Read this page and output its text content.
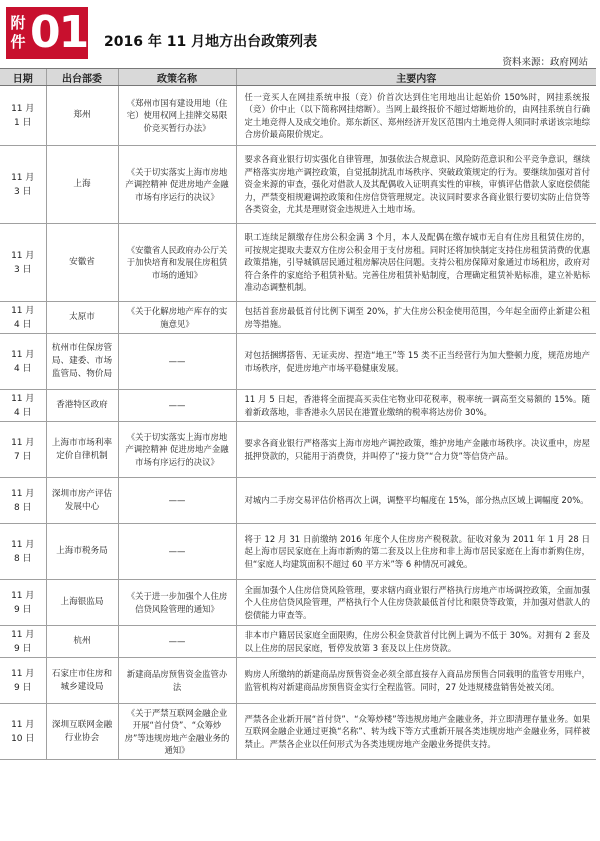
附
件 01 2016 年 11 月地方出台政策列表
资料来源：政府网站
日期	出台部委	政策名称	主要内容
11 月
1 日	郑州	《郑州市国有建设用地（住宅）使用权网上挂牌交易限价竞买暂行办法》	任一竞买人在网挂系统申报（竞）价首次达到住宅用地出让起始价 150%时，网挂系统报（竞）价中止（以下简称网挂熔断）。当网上最终报价不超过熔断地价的，由网挂系统自行确定土地竞得人及成交地价。郑东新区、郑州经济开发区范围内土地竞得人须同时承诺该宗地综合房价最高限价规定。
11 月
3 日	上海	《关于切实落实上海市房地产调控精神 促进房地产金融市场有序运行的决议》	要求各商业银行切实强化自律管理，加强依法合规意识、风险防范意识和公平竞争意识，继续严格落实房地产调控政策，自觉抵制扰乱市场秩序、突破政策规定的行为。要继续加强对首付资金来源的审查，强化对借款人及其配偶收入证明真实性的审核，审慎评估借款人家庭偿债能力，严禁变相规避调控政策和住房信贷管理规定。决议同时要求各商业银行要切实防止信贷等各类资金，尤其是理财资金违规进入土地市场。
11 月
3 日	安徽省	《安徽省人民政府办公厅关于加快培育和发展住房租赁市场的通知》	职工连续足额缴存住房公积金满 3 个月，本人及配偶在缴存城市无自有住房且租赁住房的，可按规定提取夫妻双方住房公积金用于支付房租。同时还将加快制定支持住房租赁消费的优惠政策措施，引导城镇居民通过租房解决居住问题。支持公租房保障对象通过市场租房，政府对符合条件的家庭给予租赁补贴。完善住房租赁补贴制度，合理确定租赁补贴标准，建立补贴标准动态调整机制。
11 月
4 日	太原市	《关于化解房地产库存的实施意见》	包括首套房最低首付比例下调至 20%，扩大住房公积金使用范围，今年起全面停止新建公租房等措施。
11 月
4 日	杭州市住保房管局、建委、市场监管局、物价局	——	对包括捆绑搭售、无证卖房、捏造“地王”等 15 类不正当经营行为加大整顿力度，规范房地产市场秩序，促进房地产市场平稳健康发展。
11 月
4 日	香港特区政府	——	11 月 5 日起，香港将全面提高买卖住宅物业印花税率，税率统一调高至交易额的 15%。随着新政落地，非香港永久居民在港置业缴纳的税率将达房价 30%。
11 月
7 日	上海市市场利率定价自律机制	《关于切实落实上海市房地产调控精神 促进房地产金融市场有序运行的决议》	要求各商业银行严格落实上海市房地产调控政策，维护房地产金融市场秩序。决议重申，房屋抵押贷款的，只能用于消费贷，并叫停了“接力贷”“合力贷”等信贷产品。
11 月
8 日	深圳市房产评估发展中心	——	对城内二手房交易评估价格再次上调，调整平均幅度在 15%，部分热点区域上调幅度 20%。
11 月
8 日	上海市税务局	——	将于 12 月 31 日前缴纳 2016 年度个人住房房产税税款。征收对象为 2011 年 1 月 28 日起上海市居民家庭在上海市新购的第二套及以上住房和非上海市居民家庭在上海市新购住房，但“家庭人均建筑面积不超过 60 平方米”等 6 种情况可减免。
11 月
9 日	上海银监局	《关于进一步加强个人住房信贷风险管理的通知》	全面加强个人住房信贷风险管理，要求辖内商业银行严格执行房地产市场调控政策，全面加强个人住房信贷风险管理，严格执行个人住房贷款最低首付比和限贷等政策，并加强对借款人的偿债能力审查等。
11 月
9 日	杭州	——	非本市户籍居民家庭全面限购，住房公积金贷款首付比例上调为不低于 30%。对拥有 2 套及以上住房的居民家庭，暂停发放第 3 套及以上住房贷款。
11 月
9 日	石家庄市住房和城乡建设局	新建商品房预售资金监管办法	购房人所缴纳的新建商品房预售资金必须全部直接存入商品房预售合同载明的监管专用账户，监管机构对新建商品房预售资金实行全程监管。同时，27 处违规楼盘销售处被关闭。
11 月
10 日	深圳互联网金融行业协会	《关于严禁互联网金融企业开展“首付贷”、“众筹炒房”等违规房地产金融业务的通知》	严禁各企业新开展“首付贷”、“众筹炒楼”等违规房地产金融业务，并立即清理存量业务。如果互联网金融企业通过更换“名称”、转为线下等方式重新开展各类违规房地产金融业务，同样被禁止。严禁各企业以任何形式为各类违规房地产金融业务提供支持。
